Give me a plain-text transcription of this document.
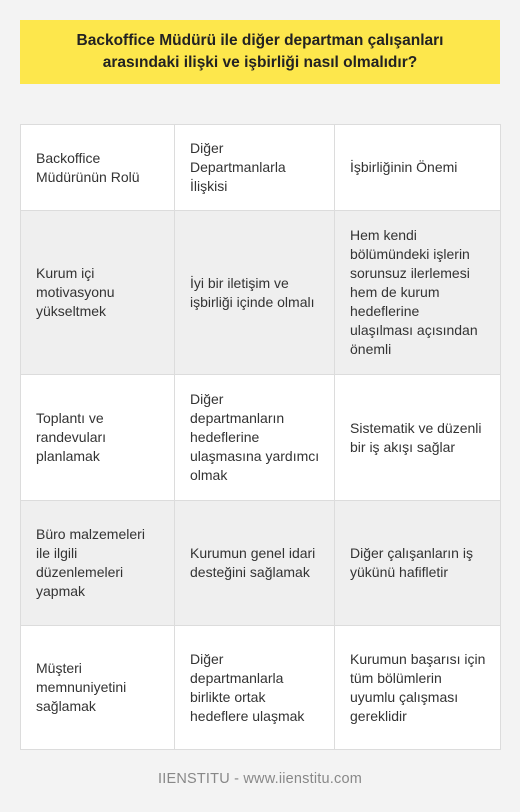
Backoffice Müdürü ile diğer departman çalışanları arasındaki ilişki ve işbirliği nasıl olmalıdır?
Backoffice Müdürünün Rolü	Diğer Departmanlarla İlişkisi	İşbirliğinin Önemi
Kurum içi motivasyonu yükseltmek	İyi bir iletişim ve işbirliği içinde olmalı	Hem kendi bölümündeki işlerin sorunsuz ilerlemesi hem de kurum hedeflerine ulaşılması açısından önemli
Toplantı ve randevuları planlamak	Diğer departmanların hedeflerine ulaşmasına yardımcı olmak	Sistematik ve düzenli bir iş akışı sağlar
Büro malzemeleri ile ilgili düzenlemeleri yapmak	Kurumun genel idari desteğini sağlamak	Diğer çalışanların iş yükünü hafifletir
Müşteri memnuniyetini sağlamak	Diğer departmanlarla birlikte ortak hedeflere ulaşmak	Kurumun başarısı için tüm bölümlerin uyumlu çalışması gereklidir
IIENSTITU - www.iienstitu.com
